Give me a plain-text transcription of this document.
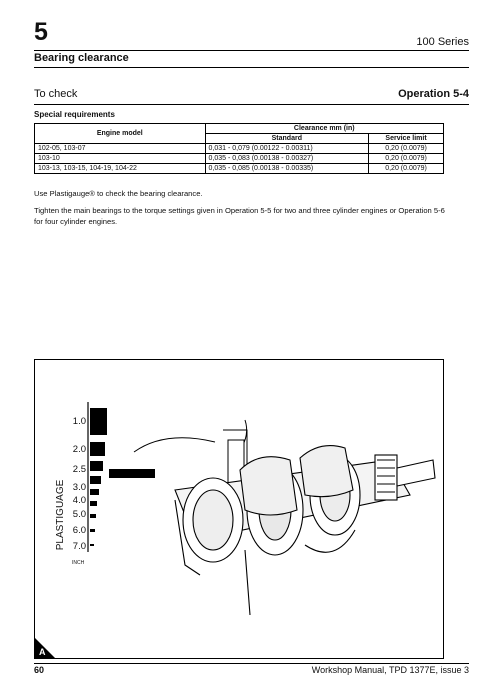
5	100 Series
Bearing clearance
To check	Operation 5-4
Special requirements
Engine model	Clearance mm (in)	
	Standard	Service limit
102-05, 103-07	0,031 - 0,079 (0.00122 - 0.00311)	0,20 (0.0079)
103-10	0,035 - 0,083 (0.00138 - 0.00327)	0,20 (0.0079)
103-13, 103-15, 104-19, 104-22	0,035 - 0,085 (0.00138 - 0.00335)	0,20 (0.0079)
Use Plastigauge® to check the bearing clearance.
Tighten the main bearings to the torque settings given in Operation 5-5 for two and three cylinder engines or Operation 5-6 for four cylinder engines.
PLASTIGUAGE
1.0
2.0
2.5
3.0
4.0
5.0
6.0
7.0
INCH
A
60	Workshop Manual, TPD 1377E, issue 3
